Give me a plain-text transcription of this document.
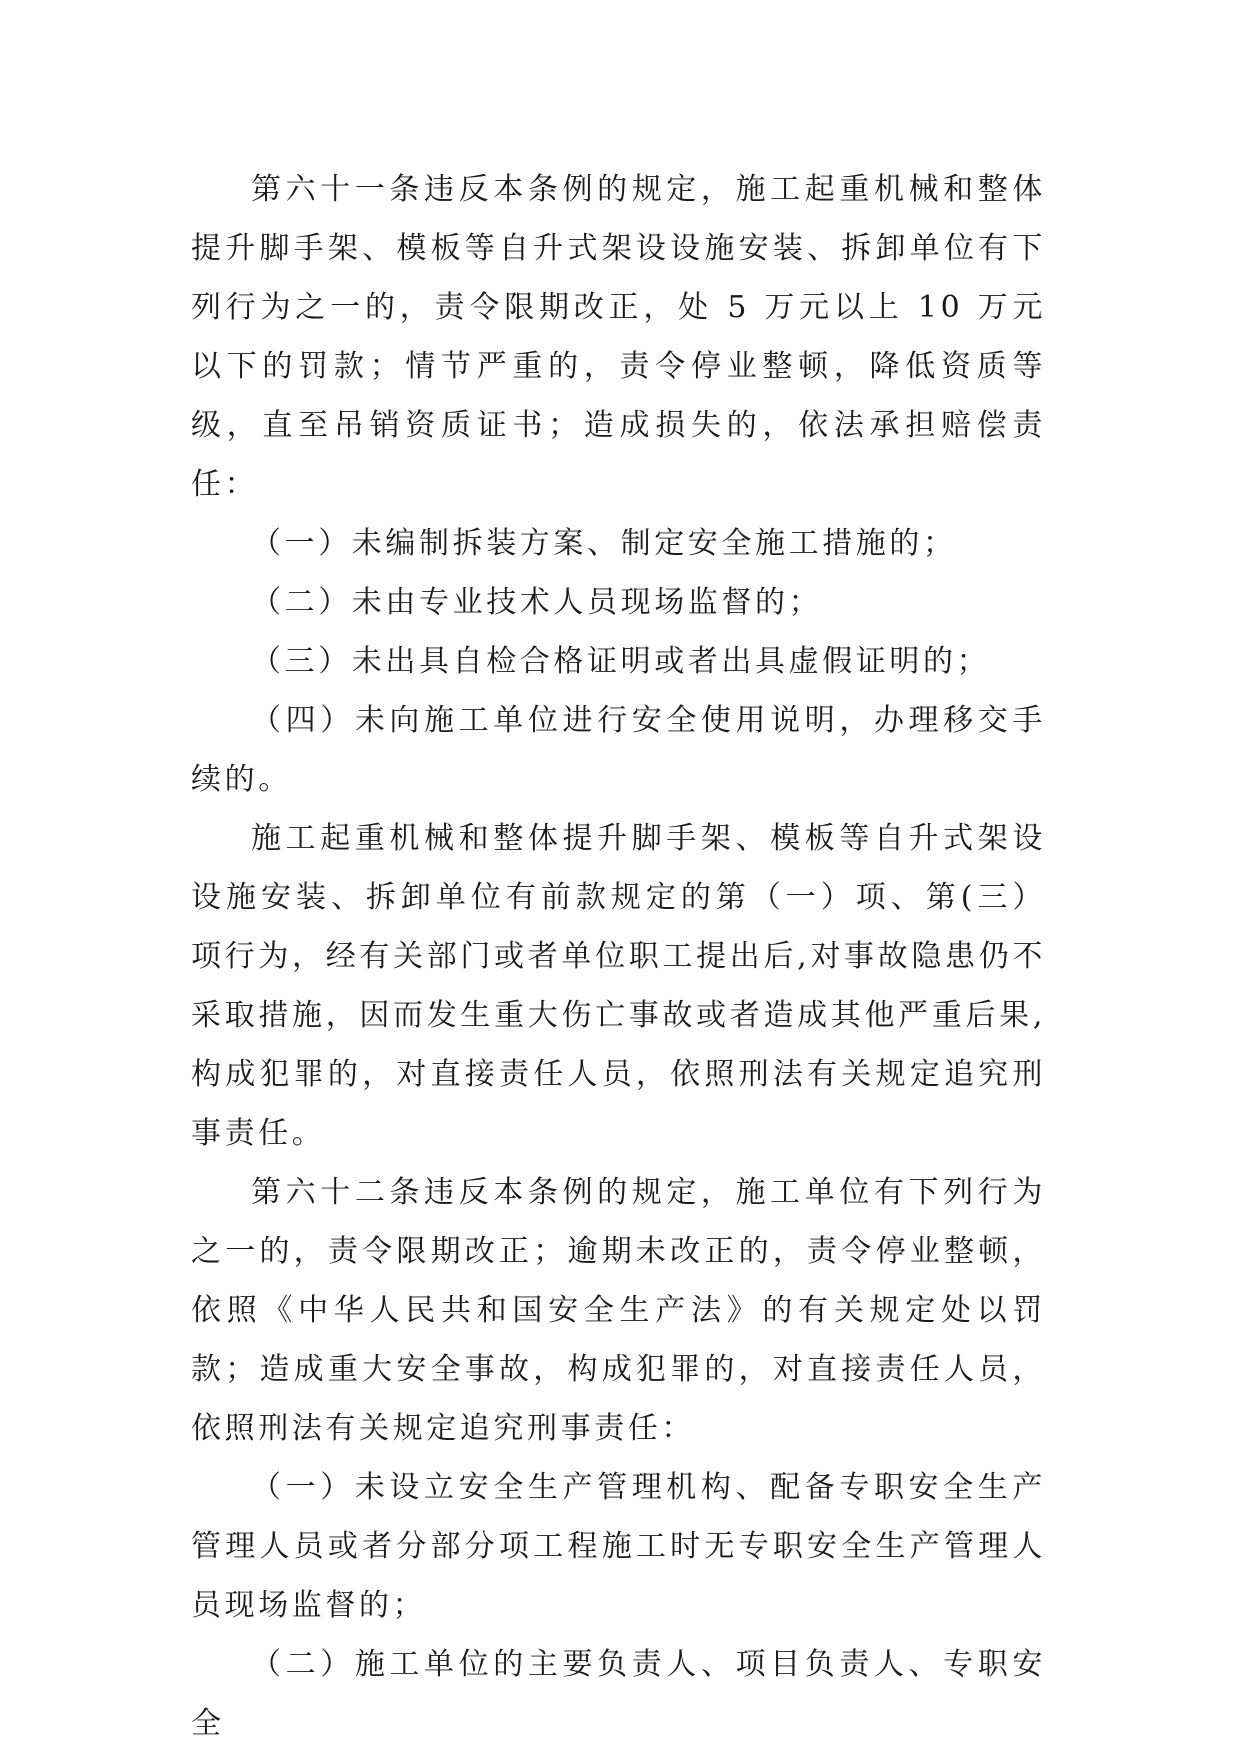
第六十一条违反本条例的规定，施工起重机械和整体提升脚手架、模板等自升式架设设施安装、拆卸单位有下列行为之一的，责令限期改正，处 5 万元以上 10 万元以下的罚款；情节严重的，责令停业整顿，降低资质等级，直至吊销资质证书；造成损失的，依法承担赔偿责任：

（一）未编制拆装方案、制定安全施工措施的；

（二）未由专业技术人员现场监督的；

（三）未出具自检合格证明或者出具虚假证明的；

（四）未向施工单位进行安全使用说明，办理移交手续的。

施工起重机械和整体提升脚手架、模板等自升式架设设施安装、拆卸单位有前款规定的第（一）项、第(三）项行为，经有关部门或者单位职工提出后,对事故隐患仍不采取措施，因而发生重大伤亡事故或者造成其他严重后果,构成犯罪的，对直接责任人员，依照刑法有关规定追究刑事责任。

第六十二条违反本条例的规定，施工单位有下列行为之一的，责令限期改正；逾期未改正的，责令停业整顿，依照《中华人民共和国安全生产法》的有关规定处以罚款；造成重大安全事故，构成犯罪的，对直接责任人员，依照刑法有关规定追究刑事责任：

（一）未设立安全生产管理机构、配备专职安全生产管理人员或者分部分项工程施工时无专职安全生产管理人员现场监督的；

（二）施工单位的主要负责人、项目负责人、专职安全
